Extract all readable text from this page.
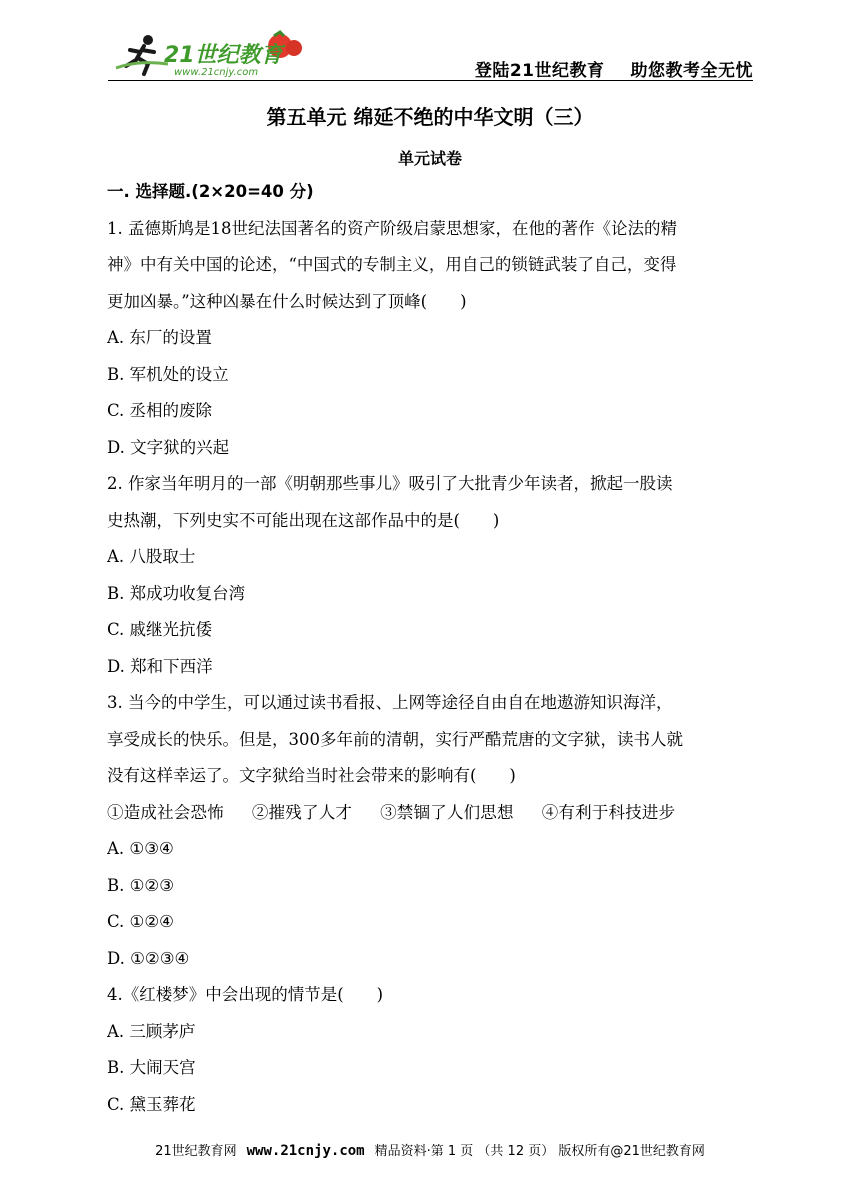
21世纪教育
www.21cnjy.com	登陆21世纪教育 助您教考全无忧
第五单元 绵延不绝的中华文明（三）
单元试卷
一. 选择题.(2×20=40 分)
1. 孟德斯鸠是18世纪法国著名的资产阶级启蒙思想家，在他的著作《论法的精
神》中有关中国的论述，“中国式的专制主义，用自己的锁链武装了自己，变得
更加凶暴。”这种凶暴在什么时候达到了顶峰(　　)
A. 东厂的设置
B. 军机处的设立
C. 丞相的废除
D. 文字狱的兴起
2. 作家当年明月的一部《明朝那些事儿》吸引了大批青少年读者，掀起一股读
史热潮，下列史实不可能出现在这部作品中的是(　　)
A. 八股取士
B. 郑成功收复台湾
C. 戚继光抗倭
D. 郑和下西洋
3. 当今的中学生，可以通过读书看报、上网等途径自由自在地遨游知识海洋，
享受成长的快乐。但是，300多年前的清朝，实行严酷荒唐的文字狱，读书人就
没有这样幸运了。文字狱给当时社会带来的影响有(　　)
①造成社会恐怖 ②摧残了人才 ③禁锢了人们思想 ④有利于科技进步
A. ①③④
B. ①②③
C. ①②④
D. ①②③④
4.《红楼梦》中会出现的情节是(　　)
A. 三顾茅庐
B. 大闹天宫
C. 黛玉葬花
21世纪教育网 www.21cnjy.com 精品资料·第 1 页 （共 12 页） 版权所有@21世纪教育网
